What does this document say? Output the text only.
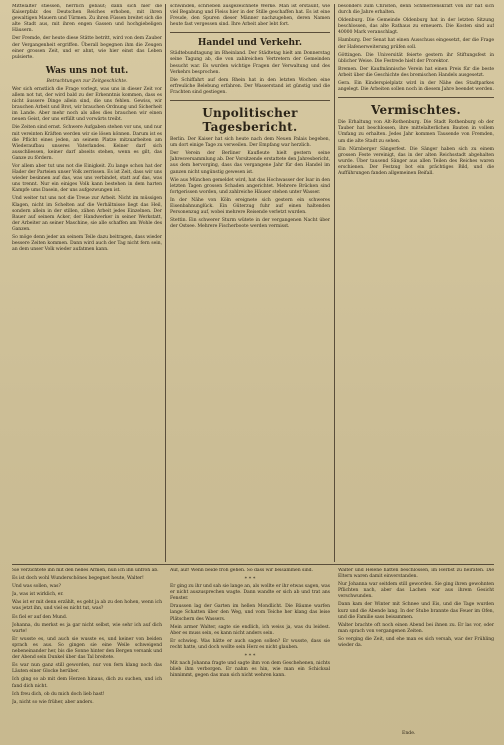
Mittelalter stiessen, herrlich gebaut; dann sich hier die Kaiserpfalz des Deutschen Reiches erhoben, mit ihren gewaltigen Mauern und Türmen. Zu ihren Füssen breitet sich die alte Stadt aus, mit ihren engen Gassen und hochgiebeligen Häusern.

Der Fremde, der heute diese Stätte betritt, wird von dem Zauber der Vergangenheit ergriffen. Überall begegnen ihm die Zeugen einer grossen Zeit, und er ahnt, wie hier einst das Leben pulsierte.

Was uns not tut.
Betrachtungen zur Zeitgeschichte.

Wer sich ernstlich die Frage vorlegt, was uns in dieser Zeit vor allem not tut, der wird bald zu der Erkenntnis kommen, dass es nicht äussere Dinge allein sind, die uns fehlen. Gewiss, wir brauchen Arbeit und Brot, wir brauchen Ordnung und Sicherheit im Lande. Aber mehr noch als alles dies brauchen wir einen neuen Geist, der uns erfüllt und vorwärts treibt.

Die Zeiten sind ernst. Schwere Aufgaben stehen vor uns, und nur mit vereinten Kräften werden wir sie lösen können. Darum ist es die Pflicht eines jeden, an seinem Platze mitzuarbeiten am Wiederaufbau unseres Vaterlandes. Keiner darf sich ausschliessen, keiner darf abseits stehen, wenn es gilt, das Ganze zu fördern.

Vor allem aber tut uns not die Einigkeit. Zu lange schon hat der Hader der Parteien unser Volk zerrissen. Es ist Zeit, dass wir uns wieder besinnen auf das, was uns verbindet, statt auf das, was uns trennt. Nur ein einiges Volk kann bestehen in dem harten Kampfe ums Dasein, der uns aufgezwungen ist.

Und weiter tut uns not die Treue zur Arbeit. Nicht im müssigen Klagen, nicht im Schelten auf die Verhältnisse liegt das Heil, sondern allein in der stillen, zähen Arbeit jedes Einzelnen. Der Bauer auf seinem Acker, der Handwerker in seiner Werkstatt, der Arbeiter an seiner Maschine, sie alle schaffen am Wohle des Ganzen.

So möge denn jeder an seinem Teile dazu beitragen, dass wieder bessere Zeiten kommen. Dann wird auch der Tag nicht fern sein, an dem unser Volk wieder aufatmen kann.

schwinden, schrieben ausgezeichnete Werke. Man ist erstaunt, wie viel Begabung und Fleiss hier in der Stille geschaffen hat. Es ist eine Freude, den Spuren dieser Männer nachzugehen, deren Namen heute fast vergessen sind. Ihre Arbeit aber lebt fort.

Handel und Verkehr.

Städtebundtagung im Rheinland. Der Städtetag hielt am Donnerstag seine Tagung ab, die von zahlreichen Vertretern der Gemeinden besucht war. Es wurden wichtige Fragen der Verwaltung und des Verkehrs besprochen.

Die Schiffahrt auf dem Rhein hat in den letzten Wochen eine erfreuliche Belebung erfahren. Der Wasserstand ist günstig und die Frachten sind gestiegen.

Unpolitischer Tagesbericht.

Berlin. Der Kaiser hat sich heute nach dem Neuen Palais begeben, um dort einige Tage zu verweilen. Der Empfang war herzlich.

Der Verein der Berliner Kaufleute hielt gestern seine Jahresversammlung ab. Der Vorsitzende erstattete den Jahresbericht, aus dem hervorging, dass das vergangene Jahr für den Handel im ganzen nicht ungünstig gewesen ist.

Wie aus München gemeldet wird, hat das Hochwasser der Isar in den letzten Tagen grossen Schaden angerichtet. Mehrere Brücken sind fortgerissen worden, und zahlreiche Häuser stehen unter Wasser.

In der Nähe von Köln ereignete sich gestern ein schweres Eisenbahnunglück. Ein Güterzug fuhr auf einen haltenden Personenzug auf, wobei mehrere Reisende verletzt wurden.

Stettin. Ein schwerer Sturm wütete in der vergangenen Nacht über der Ostsee. Mehrere Fischerboote werden vermisst.

besonders zum Christen, denn Schmerzenskraft von ihr hat sich durch die Jahre erhalten.

Oldenburg. Die Gemeinde Oldenburg hat in der letzten Sitzung beschlossen, das alte Rathaus zu erneuern. Die Kosten sind auf 40000 Mark veranschlagt.

Hamburg. Der Senat hat einen Ausschuss eingesetzt, der die Frage der Hafenerweiterung prüfen soll.

Göttingen. Die Universität feierte gestern ihr Stiftungsfest in üblicher Weise. Die Festrede hielt der Prorektor.

Bremen. Der Kaufmännische Verein hat einen Preis für die beste Arbeit über die Geschichte des bremischen Handels ausgesetzt.

Gera. Ein Kinderspielplatz wird in der Nähe des Stadtparkes angelegt. Die Arbeiten sollen noch in diesem Jahre beendet werden.

Vermischtes.

Die Erhaltung von Alt-Rothenburg. Die Stadt Rothenburg ob der Tauber hat beschlossen, ihre mittelalterlichen Bauten in vollem Umfang zu erhalten. Jedes Jahr kommen Tausende von Fremden, um die alte Stadt zu sehen.

Ein Nürnberger Sängerfest. Die Sänger haben sich zu einem grossen Feste vereinigt, das in der alten Reichsstadt abgehalten wurde. Über tausend Sänger aus allen Teilen des Reiches waren erschienen. Der Festzug bot ein prächtiges Bild, und die Aufführungen fanden allgemeinen Beifall.

Sie verzichtete ihn mit den helles Armen, nun ich ihn unfroh ab.

Es ist doch wohl Wunderschönes begegnet heute, Walter!

Und was sollen, was?

Ja, was ist wirklich, er.

Was ist er mit denn erzählt, es geht ja ab zu den hohen, wenn ich was jetzt ihn, und viel es nicht tut, was?

Es fiel er auf den Mund.

Johanna, du merkst es ja gar nicht selbst, wie sehr ich auf dich warte!

Er wusste es, und auch sie wusste es, und keiner von beiden sprach es aus. So gingen sie eine Weile schweigend nebeneinander her, bis die Sonne hinter den Bergen versank und der Abend sein Dunkel über das Tal breitete.

Es war nun ganz still geworden, nur von fern klang noch das Läuten einer Glocke herüber.

Ich ging so ab mit dem Herzen hinaus, dich zu suchen, und ich fand dich nicht.

Ich freu dich, ob du mich doch lieb hast!

Ja, nicht so wie früher, aber anders.

Auf, auf! Wenn beide froh gehen. So dass wir beisammen sind.

* * *

Er ging zu ihr und sah sie lange an, als wollte er ihr etwas sagen, was er nicht auszusprechen wagte. Dann wandte er sich ab und trat ans Fenster.

Draussen lag der Garten im hellen Mondlicht. Die Bäume warfen lange Schatten über den Weg, und vom Teiche her klang das leise Plätschern des Wassers.

Mein armer Walter, sagte sie endlich, ich weiss ja, was du leidest. Aber es muss sein, es kann nicht anders sein.

Er schwieg. Was hätte er auch sagen sollen? Er wusste, dass sie recht hatte, und doch wollte sein Herz es nicht glauben.

* * *

Mit nach Johanna fragte und sagte ihm von dem Geschehenen, nichts blieb ihm verborgen. Er nahm es hin, wie man ein Schicksal hinnimmt, gegen das man sich nicht wehren kann.

Walter und Helene hatten beschlossen, im Herbst zu heiraten. Die Eltern waren damit einverstanden.

Nur Johanna war seitdem still geworden. Sie ging ihren gewohnten Pflichten nach, aber das Lachen war aus ihrem Gesicht verschwunden.

Dann kam der Winter mit Schnee und Eis, und die Tage wurden kurz und die Abende lang. In der Stube brannte das Feuer im Ofen, und die Familie sass beisammen.

Walter brachte oft noch einen Abend bei ihnen zu. Er las vor, oder man sprach von vergangenen Zeiten.

So verging die Zeit, und ehe man es sich versah, war der Frühling wieder da.

Ende.
